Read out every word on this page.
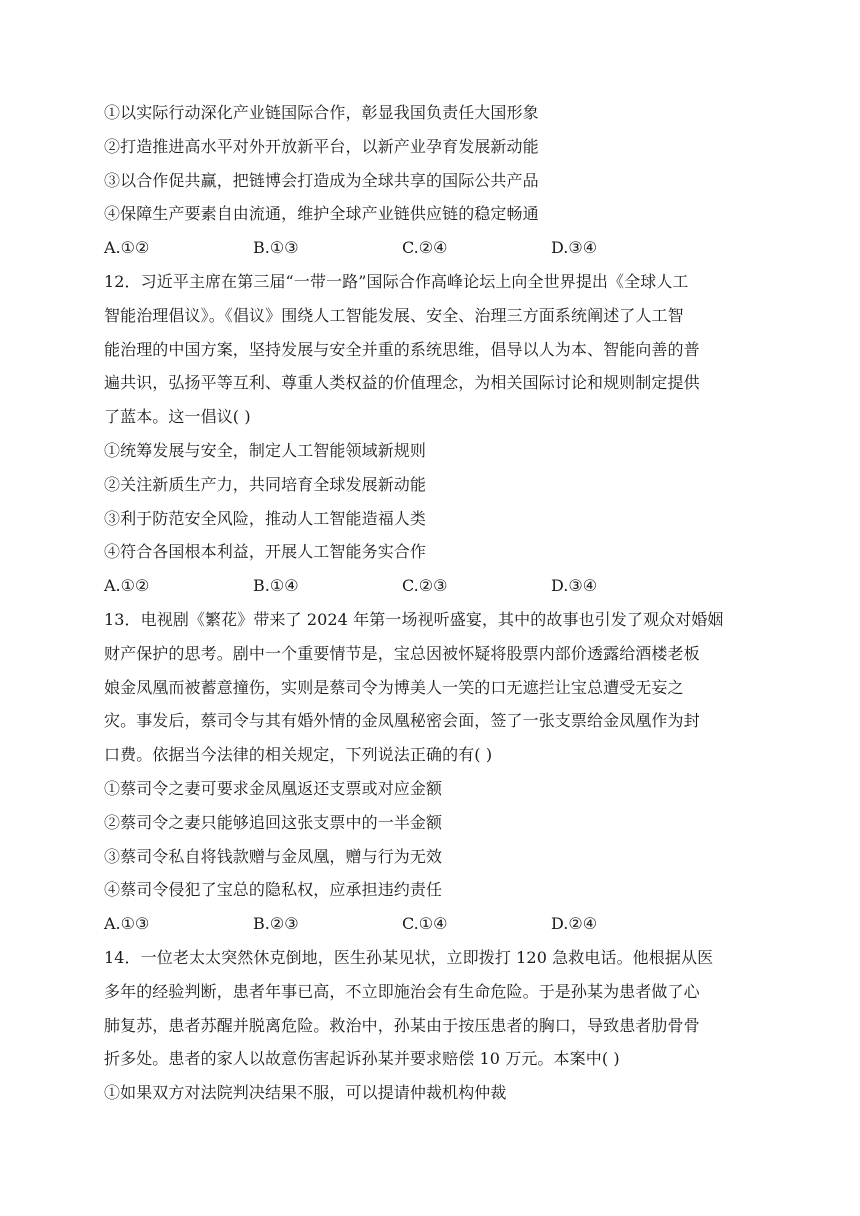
①以实际行动深化产业链国际合作，彰显我国负责任大国形象
②打造推进高水平对外开放新平台，以新产业孕育发展新动能
③以合作促共赢，把链博会打造成为全球共享的国际公共产品
④保障生产要素自由流通，维护全球产业链供应链的稳定畅通
A.①②	B.①③	C.②④	D.③④
12．习近平主席在第三届“一带一路”国际合作高峰论坛上向全世界提出《全球人工
智能治理倡议》。《倡议》围绕人工智能发展、安全、治理三方面系统阐述了人工智
能治理的中国方案，坚持发展与安全并重的系统思维，倡导以人为本、智能向善的普
遍共识，弘扬平等互利、尊重人类权益的价值理念，为相关国际讨论和规则制定提供
了蓝本。这一倡议( )
①统筹发展与安全，制定人工智能领域新规则
②关注新质生产力，共同培育全球发展新动能
③利于防范安全风险，推动人工智能造福人类
④符合各国根本利益，开展人工智能务实合作
A.①②	B.①④	C.②③	D.③④
13．电视剧《繁花》带来了 2024 年第一场视听盛宴，其中的故事也引发了观众对婚姻
财产保护的思考。剧中一个重要情节是，宝总因被怀疑将股票内部价透露给酒楼老板
娘金凤凰而被蓄意撞伤，实则是蔡司令为博美人一笑的口无遮拦让宝总遭受无妄之
灾。事发后，蔡司令与其有婚外情的金凤凰秘密会面，签了一张支票给金凤凰作为封
口费。依据当今法律的相关规定，下列说法正确的有( )
①蔡司令之妻可要求金凤凰返还支票或对应金额
②蔡司令之妻只能够追回这张支票中的一半金额
③蔡司令私自将钱款赠与金凤凰，赠与行为无效
④蔡司令侵犯了宝总的隐私权，应承担违约责任
A.①③	B.②③	C.①④	D.②④
14．一位老太太突然休克倒地，医生孙某见状，立即拨打 120 急救电话。他根据从医
多年的经验判断，患者年事已高，不立即施治会有生命危险。于是孙某为患者做了心
肺复苏，患者苏醒并脱离危险。救治中，孙某由于按压患者的胸口，导致患者肋骨骨
折多处。患者的家人以故意伤害起诉孙某并要求赔偿 10 万元。本案中( )
①如果双方对法院判决结果不服，可以提请仲裁机构仲裁
